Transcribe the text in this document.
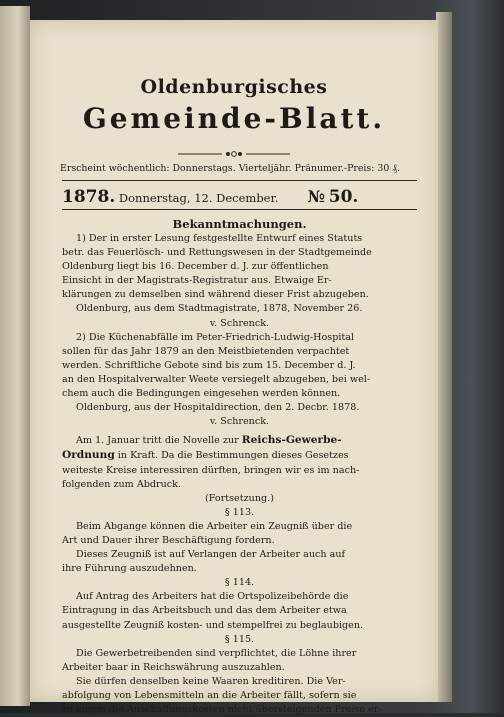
Oldenburgisches
Gemeinde-Blatt.
Erscheint wöchentlich: Donnerstags. Vierteljähr. Pränumer.-Preis: 30 ₰.
1878. Donnerstag, 12. December. № 50.

Bekanntmachungen.

1) Der in erster Lesung festgestellte Entwurf eines Statuts

betr. das Feuerlösch- und Rettungswesen in der Stadtgemeinde

Oldenburg liegt bis 16. December d. J. zur öffentlichen

Einsicht in der Magistrats-Registratur aus. Etwaige Er-

klärungen zu demselben sind während dieser Frist abzugeben.

Oldenburg, aus dem Stadtmagistrate, 1878, November 26.

v. Schrenck.

2) Die Küchenabfälle im Peter-Friedrich-Ludwig-Hospital

sollen für das Jahr 1879 an den Meistbietenden verpachtet

werden. Schriftliche Gebote sind bis zum 15. December d. J.

an den Hospitalverwalter Weete versiegelt abzugeben, bei wel-

chem auch die Bedingungen eingesehen werden können.

Oldenburg, aus der Hospitaldirection, den 2. Decbr. 1878.

v. Schrenck.

Am 1. Januar tritt die Novelle zur Reichs-Gewerbe-

Ordnung in Kraft. Da die Bestimmungen dieses Gesetzes

weiteste Kreise interessiren dürften, bringen wir es im nach-

folgenden zum Abdruck.

(Fortsetzung.)

§ 113.

Beim Abgange können die Arbeiter ein Zeugniß über die

Art und Dauer ihrer Beschäftigung fordern.

Dieses Zeugniß ist auf Verlangen der Arbeiter auch auf

ihre Führung auszudehnen.

§ 114.

Auf Antrag des Arbeiters hat die Ortspolizeibehörde die

Eintragung in das Arbeitsbuch und das dem Arbeiter etwa

ausgestellte Zeugniß kosten- und stempelfrei zu beglaubigen.

§ 115.

Die Gewerbetreibenden sind verpflichtet, die Löhne ihrer

Arbeiter baar in Reichswährung auszuzahlen.

Sie dürfen denselben keine Waaren kreditiren. Die Ver-

abfolgung von Lebensmitteln an die Arbeiter fällt, sofern sie

zu einem die Anschaffungskosten nicht übersteigenden Preise er-
